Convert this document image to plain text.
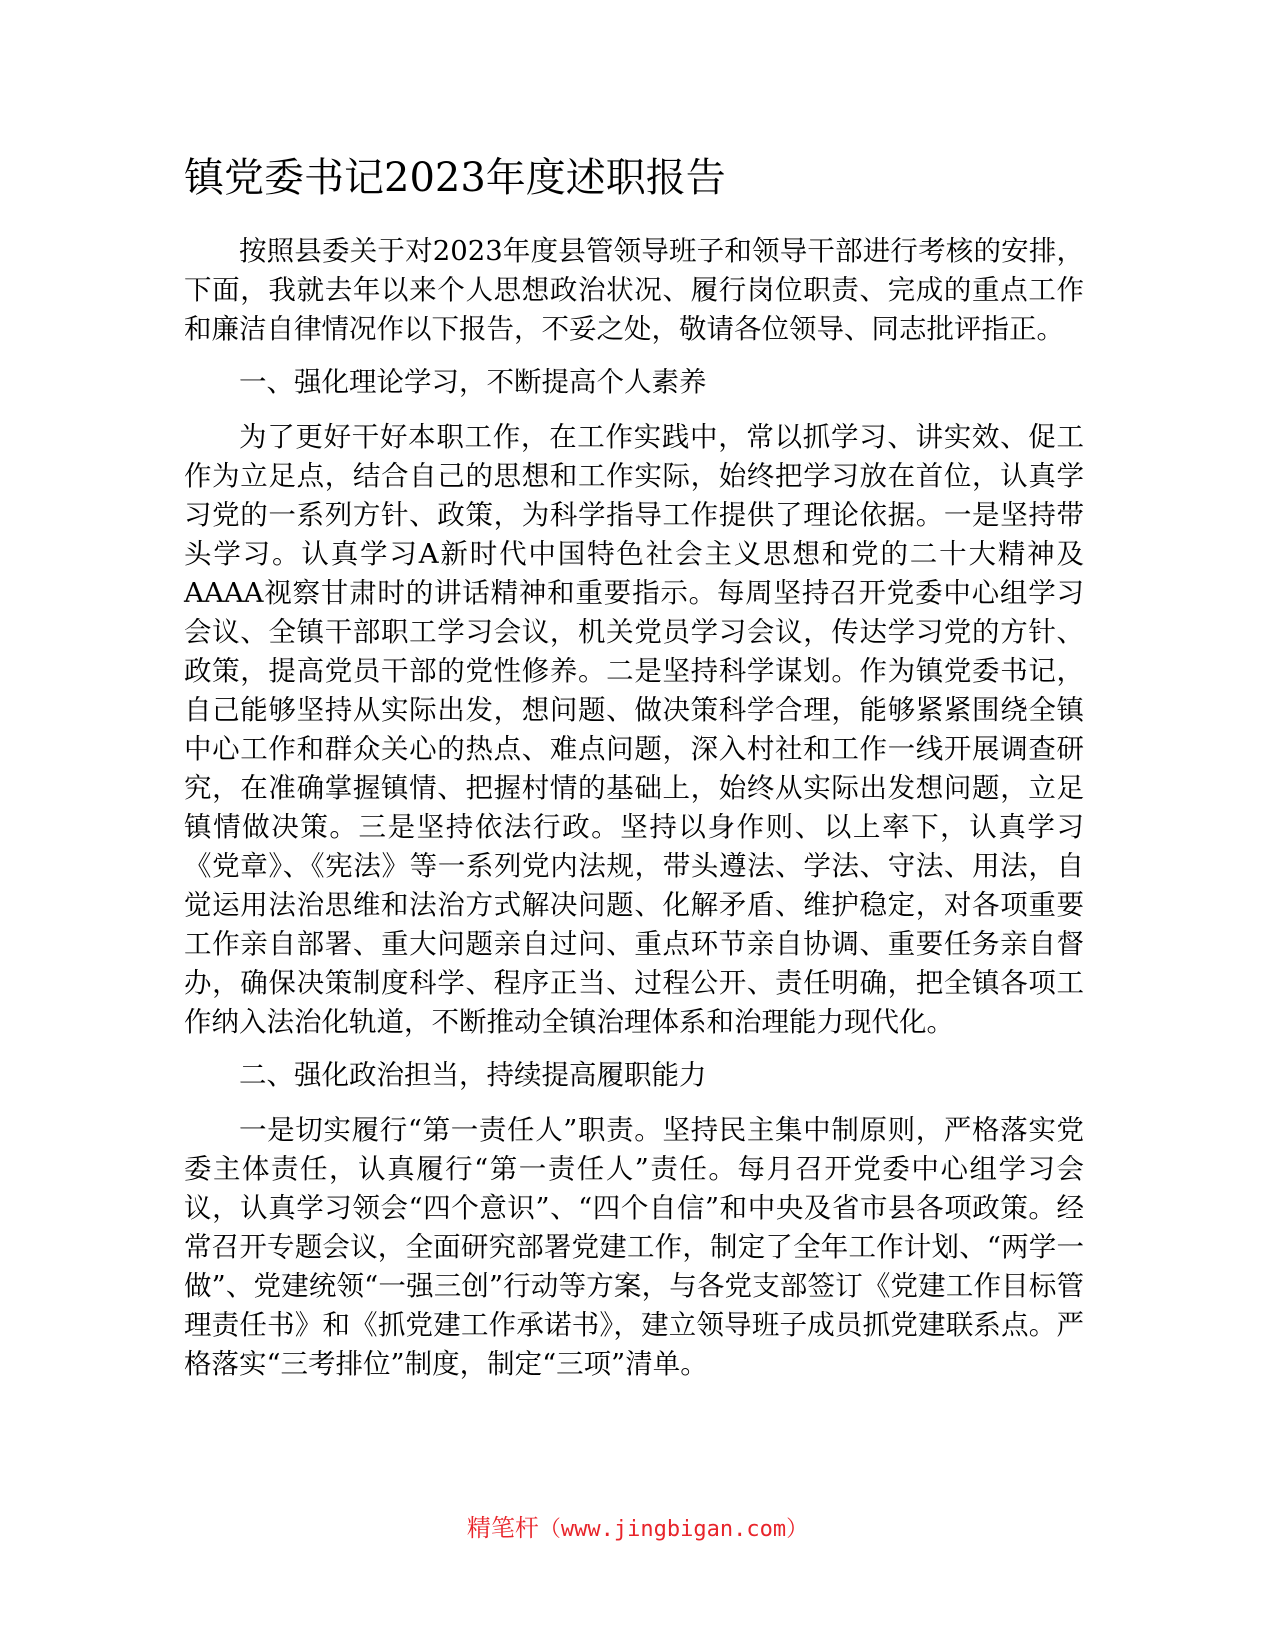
镇党委书记2023年度述职报告

按照县委关于对2023年度县管领导班子和领导干部进行考核的安排，下面，我就去年以来个人思想政治状况、履行岗位职责、完成的重点工作和廉洁自律情况作以下报告，不妥之处，敬请各位领导、同志批评指正。

一、强化理论学习，不断提高个人素养

为了更好干好本职工作，在工作实践中，常以抓学习、讲实效、促工作为立足点，结合自己的思想和工作实际，始终把学习放在首位，认真学习党的一系列方针、政策，为科学指导工作提供了理论依据。一是坚持带头学习。认真学习A新时代中国特色社会主义思想和党的二十大精神及AAAA视察甘肃时的讲话精神和重要指示。每周坚持召开党委中心组学习会议、全镇干部职工学习会议，机关党员学习会议，传达学习党的方针、政策，提高党员干部的党性修养。二是坚持科学谋划。作为镇党委书记，自己能够坚持从实际出发，想问题、做决策科学合理，能够紧紧围绕全镇中心工作和群众关心的热点、难点问题，深入村社和工作一线开展调查研究，在准确掌握镇情、把握村情的基础上，始终从实际出发想问题，立足镇情做决策。三是坚持依法行政。坚持以身作则、以上率下，认真学习《党章》、《宪法》等一系列党内法规，带头遵法、学法、守法、用法，自觉运用法治思维和法治方式解决问题、化解矛盾、维护稳定，对各项重要工作亲自部署、重大问题亲自过问、重点环节亲自协调、重要任务亲自督办，确保决策制度科学、程序正当、过程公开、责任明确，把全镇各项工作纳入法治化轨道，不断推动全镇治理体系和治理能力现代化。

二、强化政治担当，持续提高履职能力

一是切实履行“第一责任人”职责。坚持民主集中制原则，严格落实党委主体责任，认真履行“第一责任人”责任。每月召开党委中心组学习会议，认真学习领会“四个意识”、“四个自信”和中央及省市县各项政策。经常召开专题会议，全面研究部署党建工作，制定了全年工作计划、“两学一做”、党建统领“一强三创”行动等方案，与各党支部签订《党建工作目标管理责任书》和《抓党建工作承诺书》，建立领导班子成员抓党建联系点。严格落实“三考排位”制度，制定“三项”清单。

精笔杆（www.jingbigan.com）
